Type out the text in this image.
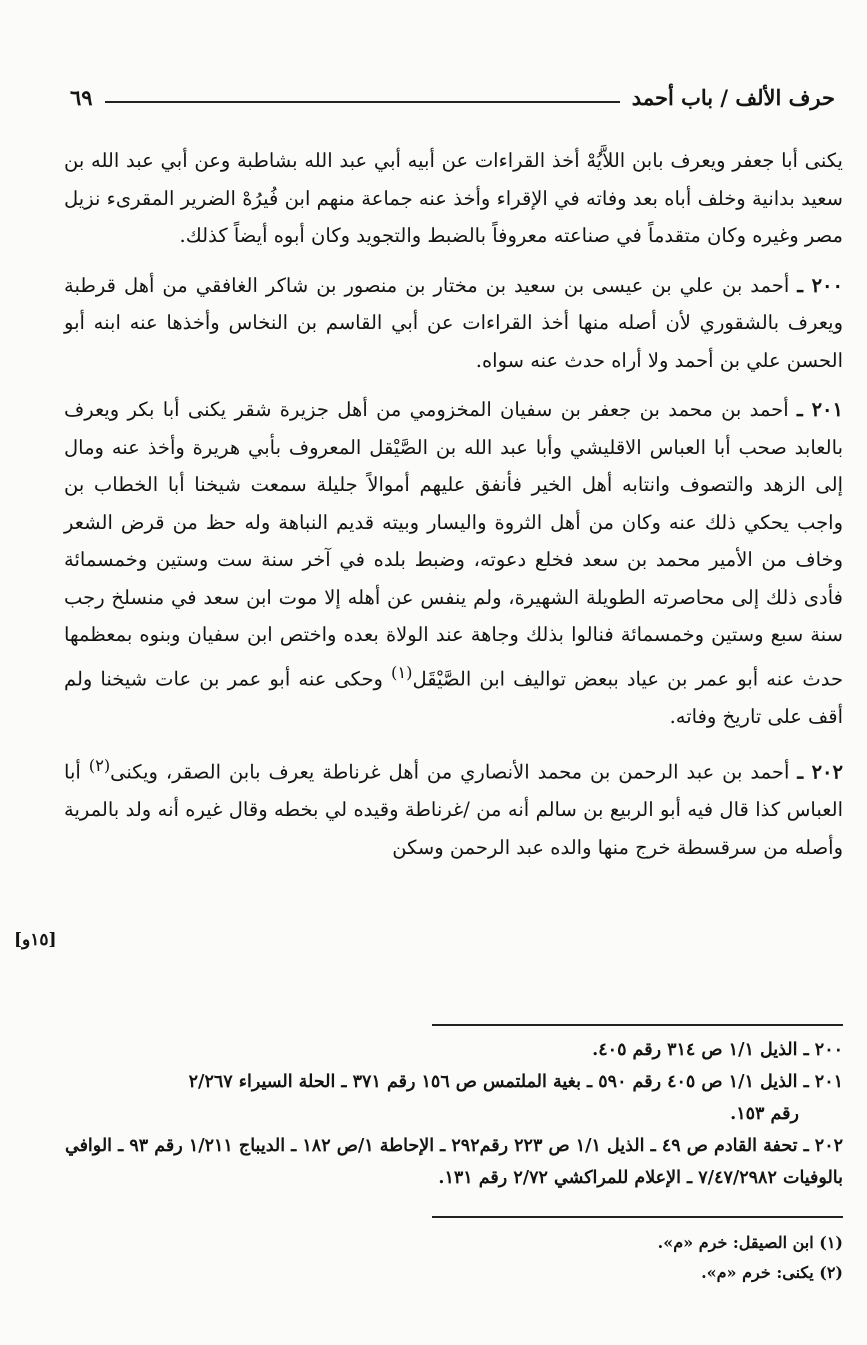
حرف الألف / باب أحمد
٦٩

يكنى أبا جعفر ويعرف بابن اللاَّيُهْ أخذ القراءات عن أبيه أبي عبد الله بشاطبة وعن أبي عبد الله بن سعيد بدانية وخلف أباه بعد وفاته في الإقراء وأخذ عنه جماعة منهم ابن فُيرُهْ الضرير المقرىء نزيل مصر وغيره وكان متقدماً في صناعته معروفاً بالضبط والتجويد وكان أبوه أيضاً كذلك.

٢٠٠ ـ أحمد بن علي بن عيسى بن سعيد بن مختار بن منصور بن شاكر الغافقي من أهل قرطبة ويعرف بالشقوري لأن أصله منها أخذ القراءات عن أبي القاسم بن النخاس وأخذها عنه ابنه أبو الحسن علي بن أحمد ولا أراه حدث عنه سواه.

٢٠١ ـ أحمد بن محمد بن جعفر بن سفيان المخزومي من أهل جزيرة شقر يكنى أبا بكر ويعرف بالعابد صحب أبا العباس الاقليشي وأبا عبد الله بن الصَّيْقل المعروف بأبي هريرة وأخذ عنه ومال إلى الزهد والتصوف وانتابه أهل الخير فأنفق عليهم أموالاً جليلة سمعت شيخنا أبا الخطاب بن واجب يحكي ذلك عنه وكان من أهل الثروة واليسار وبيته قديم النباهة وله حظ من قرض الشعر وخاف من الأمير محمد بن سعد فخلع دعوته، وضبط بلده في آخر سنة ست وستين وخمسمائة فأدى ذلك إلى محاصرته الطويلة الشهيرة، ولم ينفس عن أهله إلا موت ابن سعد في منسلخ رجب سنة سبع وستين وخمسمائة فنالوا بذلك وجاهة عند الولاة بعده واختص ابن سفيان وبنوه بمعظمها حدث عنه أبو عمر بن عياد ببعض تواليف ابن الصَّيْقَل$^{(١)}$ وحكى عنه أبو عمر بن عات شيخنا ولم أقف على تاريخ وفاته.

٢٠٢ ـ أحمد بن عبد الرحمن بن محمد الأنصاري من أهل غرناطة يعرف بابن الصقر، ويكنى$^{(٢)}$ أبا العباس كذا قال فيه أبو الربيع بن سالم أنه من /غرناطة وقيده لي بخطه وقال غيره أنه ولد بالمرية وأصله من سرقسطة خرج منها والده عبد الرحمن وسكن

[١٥و]

٢٠٠ ـ الذيل ١/١ ص ٣١٤ رقم ٤٠٥.

٢٠١ ـ الذيل ١/١ ص ٤٠٥ رقم ٥٩٠ ـ بغية الملتمس ص ١٥٦ رقم ٣٧١ ـ الحلة السيراء ٢/٢٦٧

رقم ١٥٣.

٢٠٢ ـ تحفة القادم ص ٤٩ ـ الذيل ١/١ ص ٢٢٣ رقم٢٩٢ ـ الإحاطة ١/ص ١٨٢ ـ الديباج ١/٢١١ رقم ٩٣ ـ الوافي بالوفيات ٧/٤٧/٢٩٨٢ ـ الإعلام للمراكشي ٢/٧٢ رقم ١٣١.

(١) ابن الصيقل: خرم «م».

(٢) يكنى: خرم «م».
